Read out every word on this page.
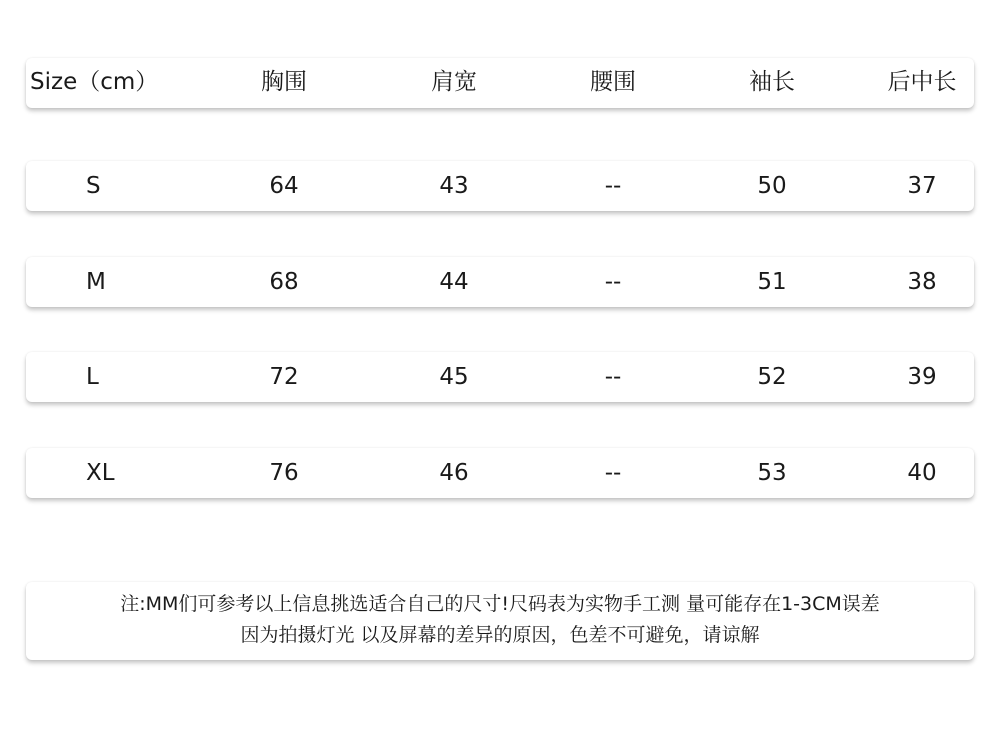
Size（cm）	胸围	肩宽	腰围	袖长	后中长
S	64	43	--	50	37
M	68	44	--	51	38
L	72	45	--	52	39
XL	76	46	--	53	40
注:MM们可参考以上信息挑选适合自己的尺寸!尺码表为实物手工测 量可能存在1-3CM误差
因为拍摄灯光 以及屏幕的差异的原因，色差不可避免，请谅解
